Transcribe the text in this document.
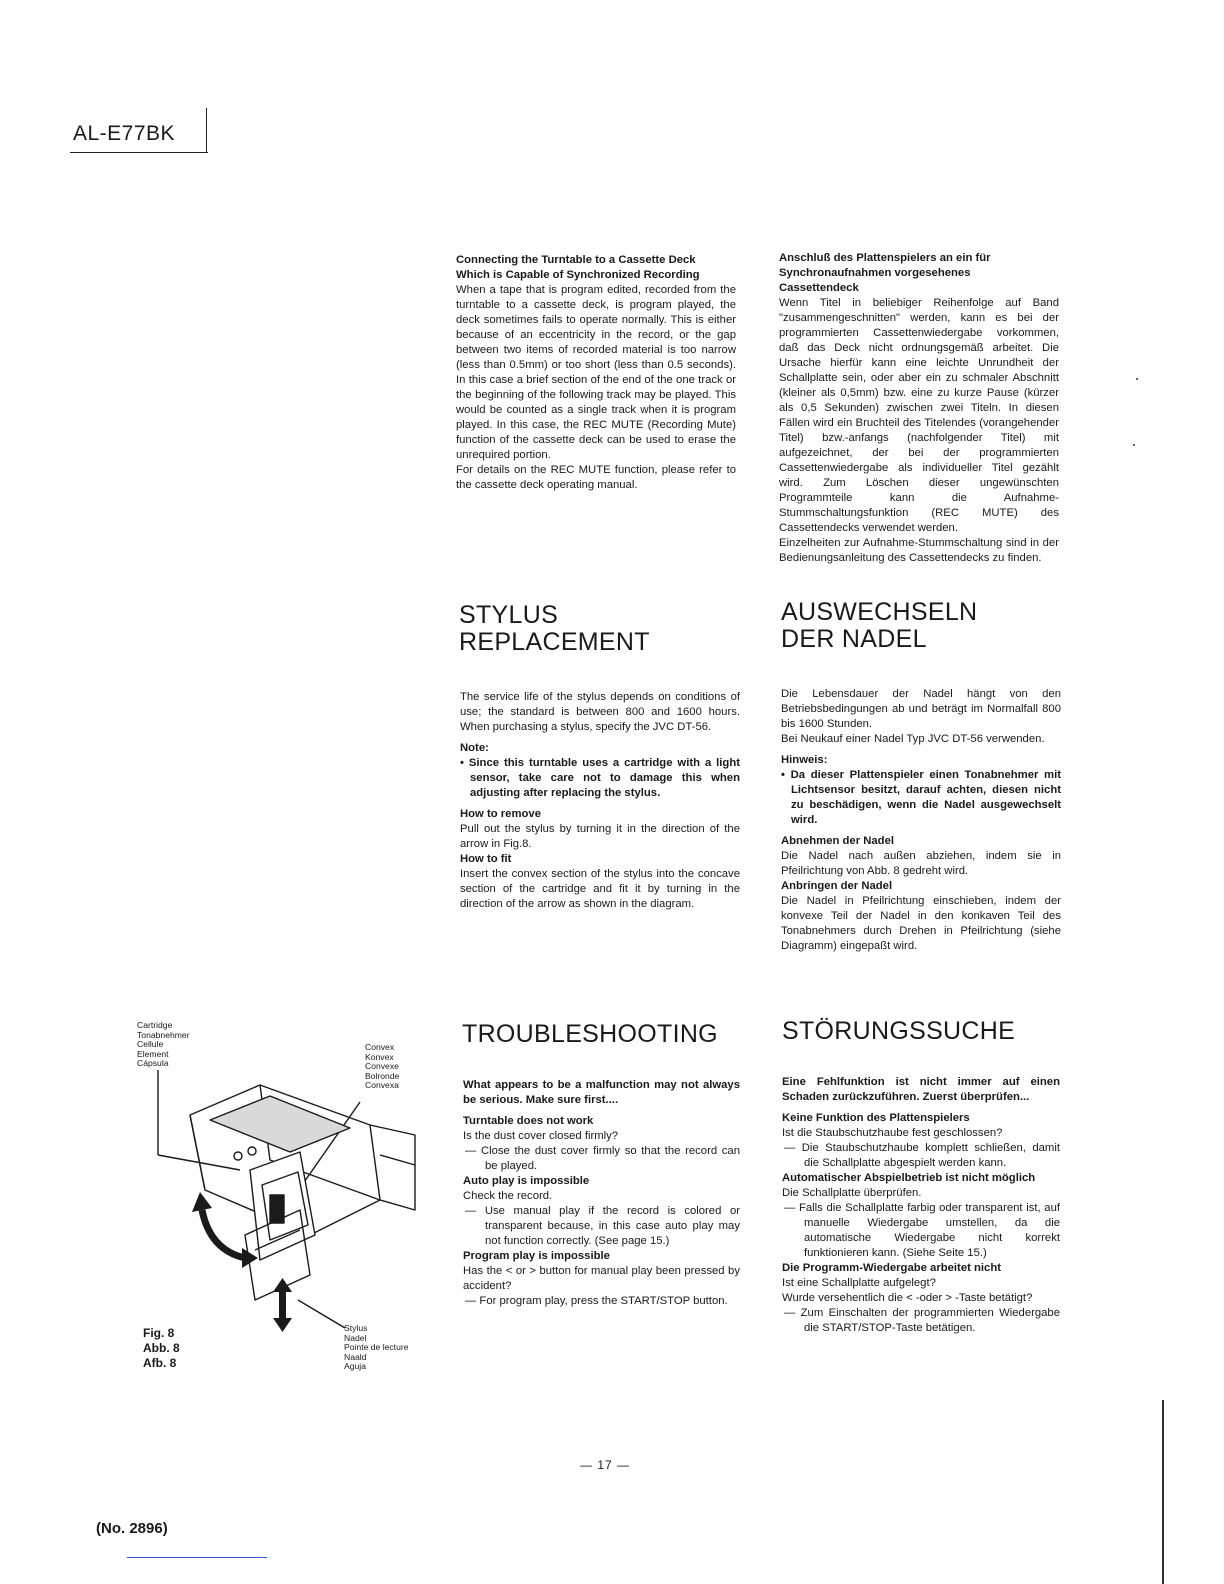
AL-E77BK

Connecting the Turntable to a Cassette Deck

Which is Capable of Synchronized Recording

When a tape that is program edited, recorded from the turntable to a cassette deck, is program played, the deck sometimes fails to operate normally. This is either because of an eccentricity in the record, or the gap between two items of recorded material is too narrow (less than 0.5mm) or too short (less than 0.5 seconds). In this case a brief section of the end of the one track or the beginning of the following track may be played. This would be counted as a single track when it is program played. In this case, the REC MUTE (Recording Mute) function of the cassette deck can be used to erase the unrequired portion.

For details on the REC MUTE function, please refer to the cassette deck operating manual.

Anschluß des Plattenspielers an ein für

Synchronaufnahmen vorgesehenes

Cassettendeck

Wenn Titel in beliebiger Reihenfolge auf Band "zusammengeschnitten" werden, kann es bei der programmierten Cassettenwiedergabe vorkommen, daß das Deck nicht ordnungsgemäß arbeitet. Die Ursache hierfür kann eine leichte Unrundheit der Schallplatte sein, oder aber ein zu schmaler Abschnitt (kleiner als 0,5mm) bzw. eine zu kurze Pause (kürzer als 0,5 Sekunden) zwischen zwei Titeln. In diesen Fällen wird ein Bruchteil des Titelendes (vorangehender Titel) bzw.-anfangs (nachfolgender Titel) mit aufgezeichnet, der bei der programmierten Cassettenwiedergabe als individueller Titel gezählt wird. Zum Löschen dieser ungewünschten Programmteile kann die Aufnahme-Stummschaltungsfunktion (REC MUTE) des Cassettendecks verwendet werden.

Einzelheiten zur Aufnahme-Stummschaltung sind in der Bedienungsanleitung des Cassettendecks zu finden.

STYLUS

REPLACEMENT

AUSWECHSELN

DER NADEL

The service life of the stylus depends on conditions of use; the standard is between 800 and 1600 hours. When purchasing a stylus, specify the JVC DT-56.

Note:

• Since this turntable uses a cartridge with a light sensor, take care not to damage this when adjusting after replacing the stylus.

How to remove

Pull out the stylus by turning it in the direction of the arrow in Fig.8.

How to fit

Insert the convex section of the stylus into the concave section of the cartridge and fit it by turning in the direction of the arrow as shown in the diagram.

Die Lebensdauer der Nadel hängt von den Betriebsbedingungen ab und beträgt im Normalfall 800 bis 1600 Stunden.

Bei Neukauf einer Nadel Typ JVC DT-56 verwenden.

Hinweis:

• Da dieser Plattenspieler einen Tonabnehmer mit Lichtsensor besitzt, darauf achten, diesen nicht zu beschädigen, wenn die Nadel ausgewechselt wird.

Abnehmen der Nadel

Die Nadel nach außen abziehen, indem sie in Pfeilrichtung von Abb. 8 gedreht wird.

Anbringen der Nadel

Die Nadel in Pfeilrichtung einschieben, indem der konvexe Teil der Nadel in den konkaven Teil des Tonabnehmers durch Drehen in Pfeilrichtung (siehe Diagramm) eingepaßt wird.

TROUBLESHOOTING	STÖRUNGSSUCHE

What appears to be a malfunction may not always be serious. Make sure first....

Turntable does not work

Is the dust cover closed firmly?

— Close the dust cover firmly so that the record can be played.

Auto play is impossible

Check the record.

— Use manual play if the record is colored or transparent because, in this case auto play may not function correctly. (See page 15.)

Program play is impossible

Has the < or > button for manual play been pressed by accident?

— For program play, press the START/STOP button.

Eine Fehlfunktion ist nicht immer auf einen Schaden zurückzuführen. Zuerst überprüfen...

Keine Funktion des Plattenspielers

Ist die Staubschutzhaube fest geschlossen?

— Die Staubschutzhaube komplett schließen, damit die Schallplatte abgespielt werden kann.

Automatischer Abspielbetrieb ist nicht möglich

Die Schallplatte überprüfen.

— Falls die Schallplatte farbig oder transparent ist, auf manuelle Wiedergabe umstellen, da die automatische Wiedergabe nicht korrekt funktionieren kann. (Siehe Seite 15.)

Die Programm-Wiedergabe arbeitet nicht

Ist eine Schallplatte aufgelegt?

Wurde versehentlich die < -oder > -Taste betätigt?

— Zum Einschalten der programmierten Wiedergabe die START/STOP-Taste betätigen.

Cartridge
Tonabnehmer
Cellule
Element
Cápsula
Convex
Konvex
Convexe
Bolronde
Convexa
Stylus
Nadel
Pointe de lecture
Naald
Aguja
Fig. 8
Abb. 8
Afb. 8
— 17 —
(No. 2896)
